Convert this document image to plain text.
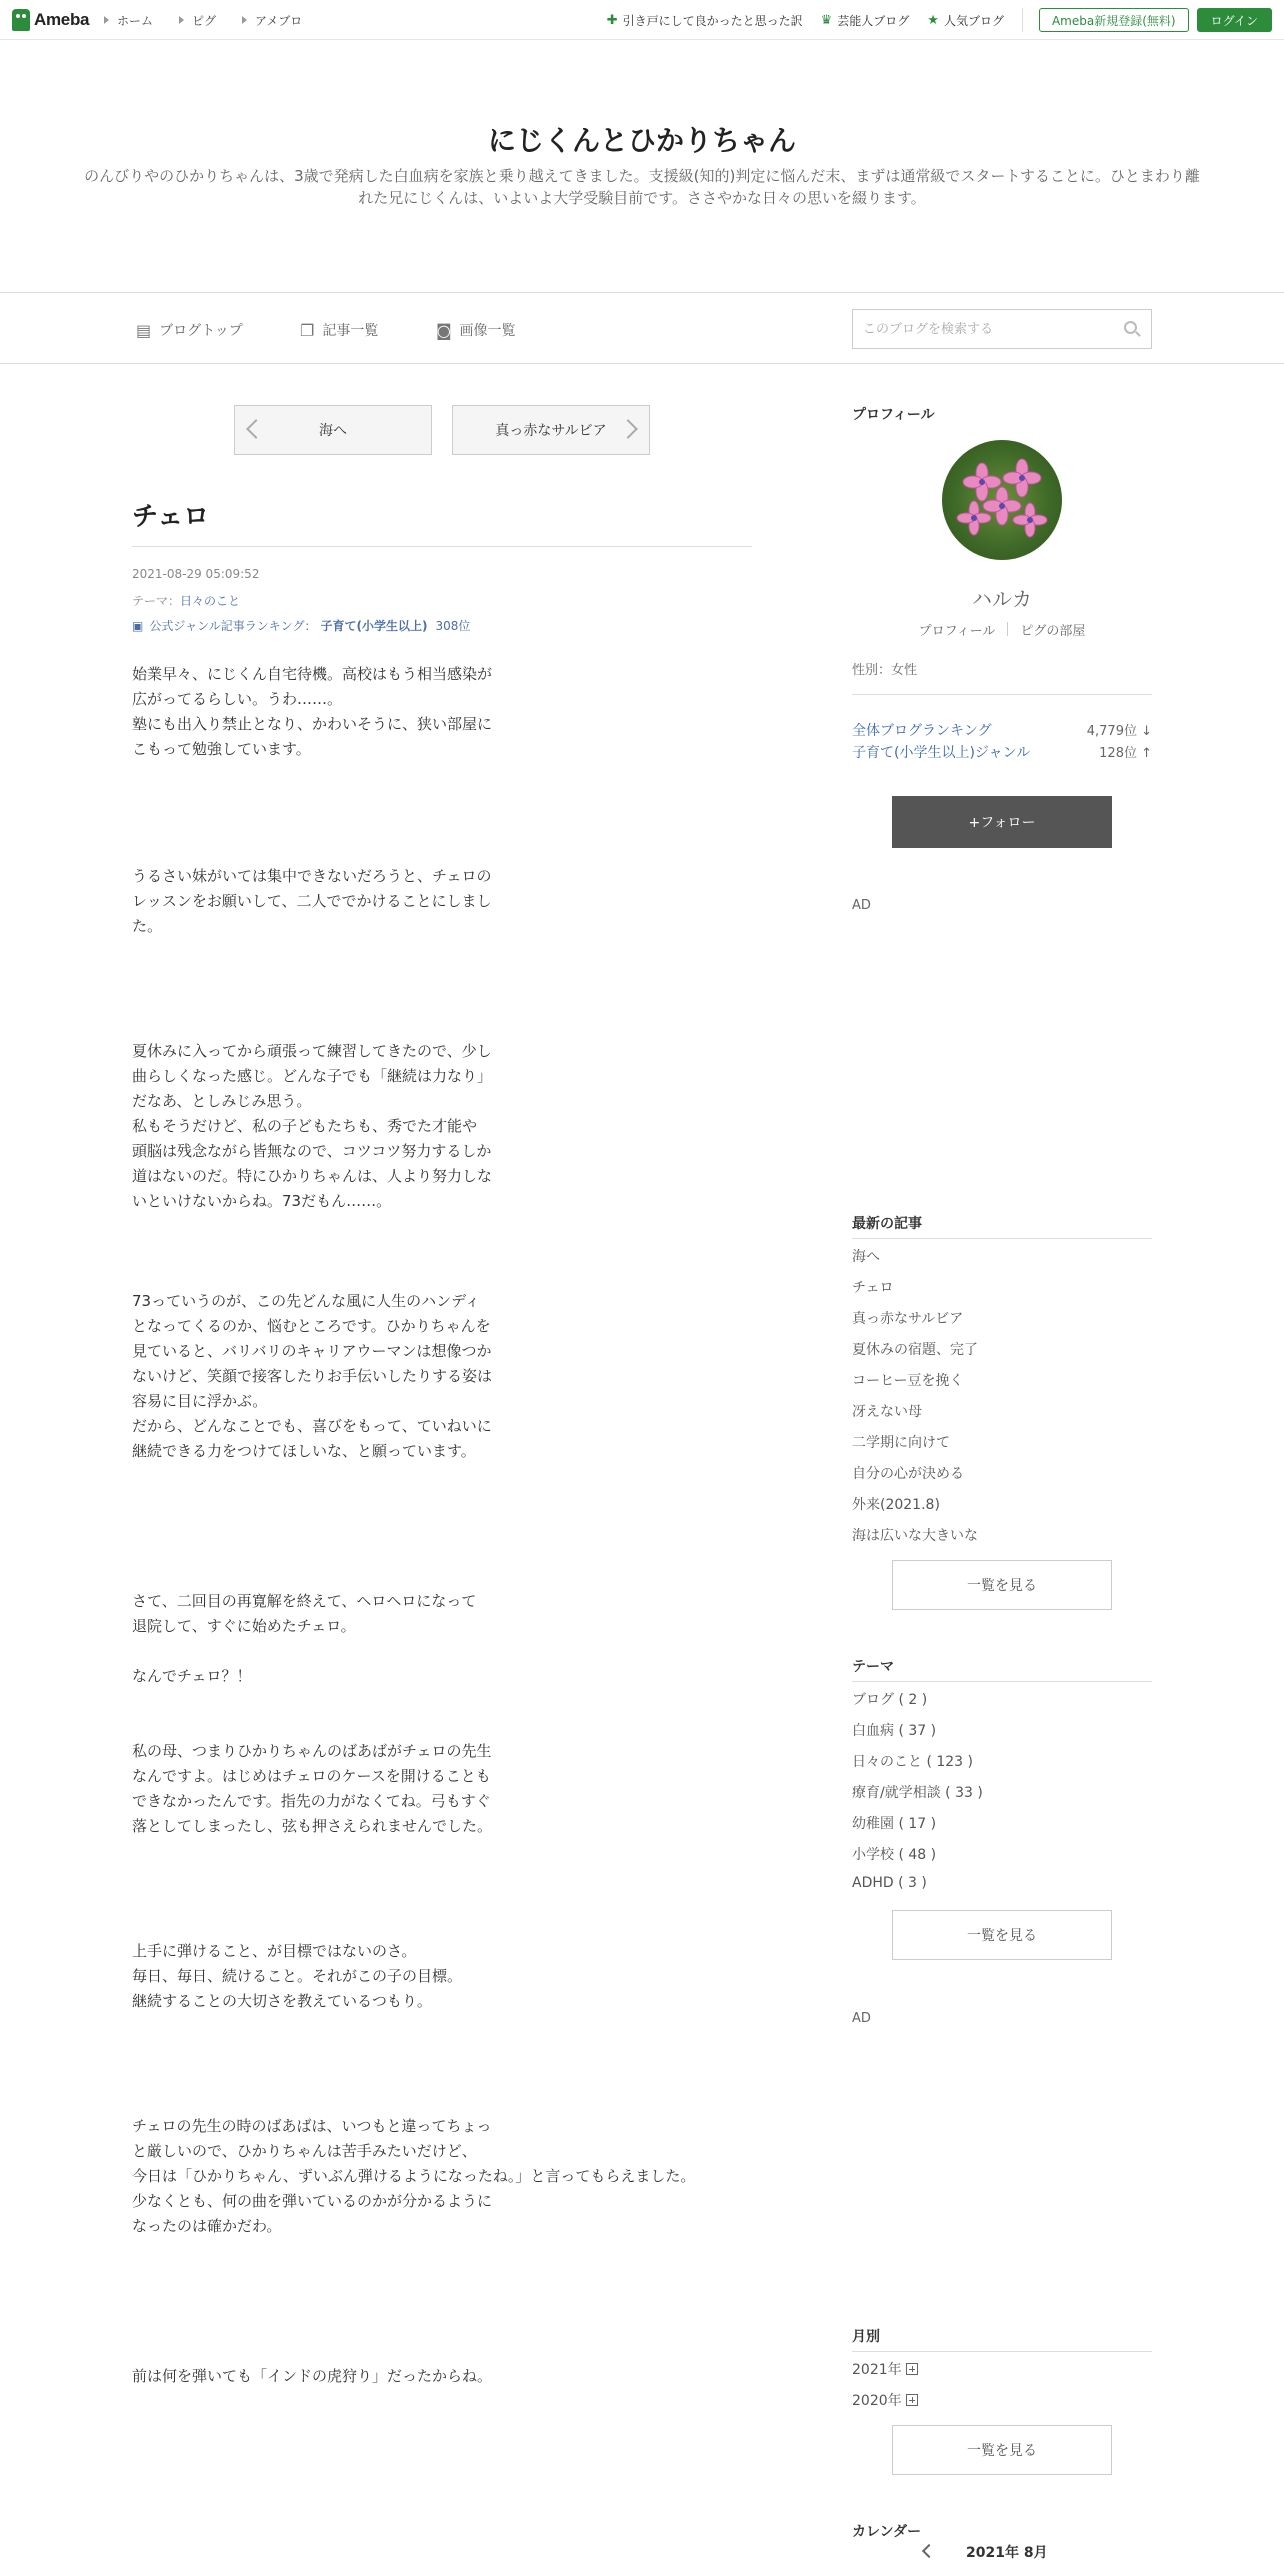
Ameba ホーム	ピグ	アメブロ	✚ 引き戸にして良かったと思った訳 ♛ 芸能人ブログ ★ 人気ブログ	Ameba新規登録(無料)	ログイン
にじくんとひかりちゃん
のんびりやのひかりちゃんは、3歳で発病した白血病を家族と乗り越えてきました。支援級(知的)判定に悩んだ末、まずは通常級でスタートすることに。ひとまわり離れた兄にじくんは、いよいよ大学受験目前です。ささやかな日々の思いを綴ります。
▤ ブログトップ	❐ 記事一覧	◙ 画像一覧
このブログを検索する
海へ	真っ赤なサルビア
チェロ
2021-08-29 05:09:52
テーマ：日々のこと
▣ 公式ジャンル記事ランキング： 子育て(小学生以上) 308位
始業早々、にじくん自宅待機。高校はもう相当感染が
広がってるらしい。うわ……。
塾にも出入り禁止となり、かわいそうに、狭い部屋に
こもって勉強しています。
うるさい妹がいては集中できないだろうと、チェロの
レッスンをお願いして、二人ででかけることにしまし
た。
夏休みに入ってから頑張って練習してきたので、少し
曲らしくなった感じ。どんな子でも「継続は力なり」
だなあ、としみじみ思う。
私もそうだけど、私の子どもたちも、秀でた才能や
頭脳は残念ながら皆無なので、コツコツ努力するしか
道はないのだ。特にひかりちゃんは、人より努力しな
いといけないからね。73だもん……。
73っていうのが、この先どんな風に人生のハンディ
となってくるのか、悩むところです。ひかりちゃんを
見ていると、バリバリのキャリアウーマンは想像つか
ないけど、笑顔で接客したりお手伝いしたりする姿は
容易に目に浮かぶ。
だから、どんなことでも、喜びをもって、ていねいに
継続できる力をつけてほしいな、と願っています。
さて、二回目の再寛解を終えて、ヘロヘロになって
退院して、すぐに始めたチェロ。

なんでチェロ？！
私の母、つまりひかりちゃんのばあばがチェロの先生
なんですよ。はじめはチェロのケースを開けることも
できなかったんです。指先の力がなくてね。弓もすぐ
落としてしまったし、弦も押さえられませんでした。
上手に弾けること、が目標ではないのさ。
毎日、毎日、続けること。それがこの子の目標。
継続することの大切さを教えているつもり。
チェロの先生の時のばあばは、いつもと違ってちょっ
と厳しいので、ひかりちゃんは苦手みたいだけど、
今日は「ひかりちゃん、ずいぶん弾けるようになったね。」と言ってもらえました。
少なくとも、何の曲を弾いているのかが分かるように
なったのは確かだわ。
前は何を弾いても「インドの虎狩り」だったからね。
プロフィール
ハルカ
プロフィール ピグの部屋
性別：女性
全体ブログランキング	4,779位 ↓
子育て(小学生以上)ジャンル	128位 ↑
+フォロー
AD
最新の記事
海へ
チェロ
真っ赤なサルビア
夏休みの宿題、完了
コーヒー豆を挽く
冴えない母
二学期に向けて
自分の心が決める
外来(2021.8)
海は広いな大きいな
一覧を見る
テーマ
ブログ ( 2 )
白血病 ( 37 )
日々のこと ( 123 )
療育/就学相談 ( 33 )
幼稚園 ( 17 )
小学校 ( 48 )
ADHD ( 3 )
一覧を見る
AD
月別
2021年
2020年
一覧を見る
カレンダー
2021年 8月
